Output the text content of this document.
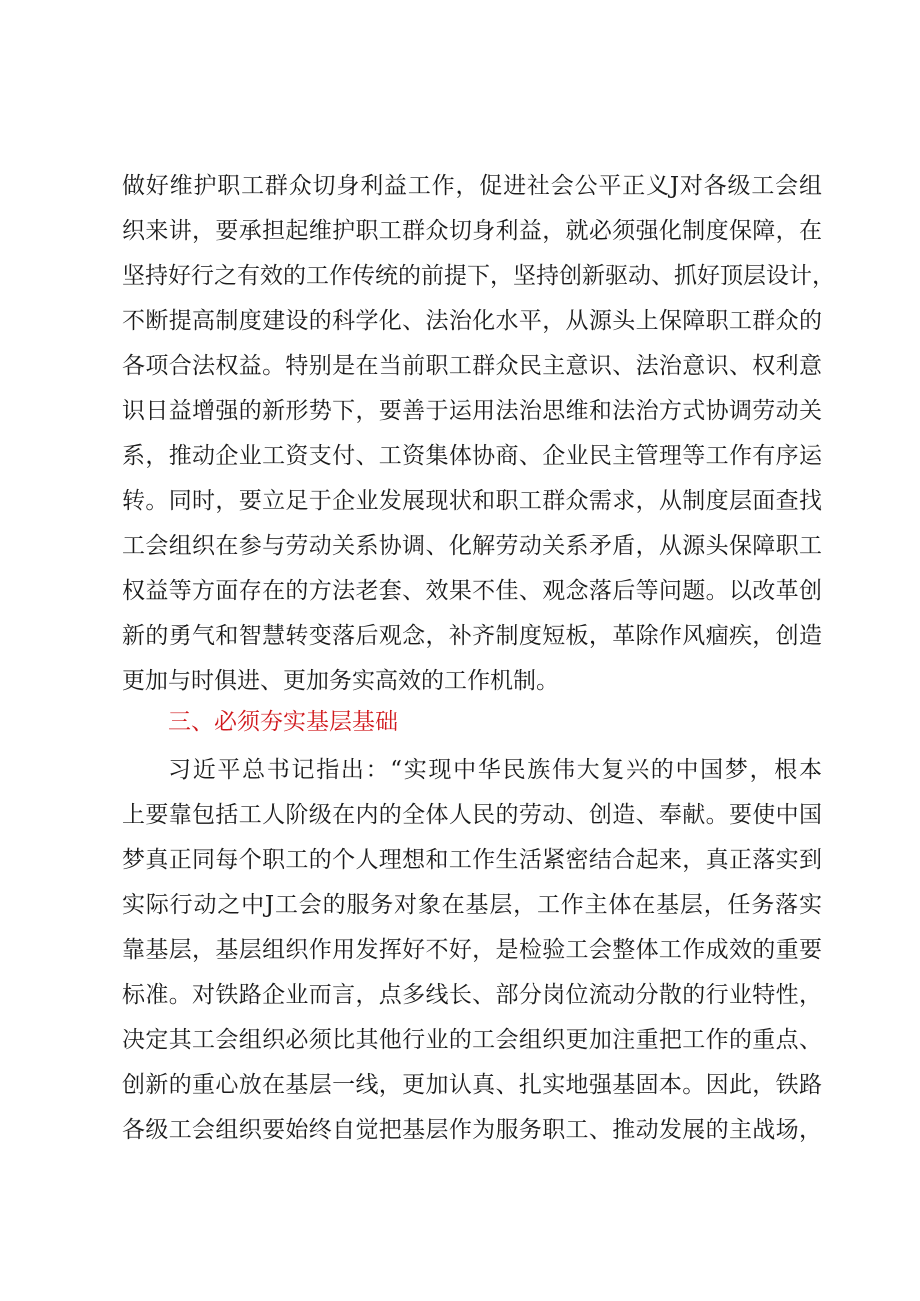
做好维护职工群众切身利益工作，促进社会公平正义J对各级工会组
织来讲，要承担起维护职工群众切身利益，就必须强化制度保障，在
坚持好行之有效的工作传统的前提下，坚持创新驱动、抓好顶层设计，
不断提高制度建设的科学化、法治化水平，从源头上保障职工群众的
各项合法权益。特别是在当前职工群众民主意识、法治意识、权利意
识日益增强的新形势下，要善于运用法治思维和法治方式协调劳动关
系，推动企业工资支付、工资集体协商、企业民主管理等工作有序运
转。同时，要立足于企业发展现状和职工群众需求，从制度层面查找
工会组织在参与劳动关系协调、化解劳动关系矛盾，从源头保障职工
权益等方面存在的方法老套、效果不佳、观念落后等问题。以改革创
新的勇气和智慧转变落后观念，补齐制度短板，革除作风痼疾，创造
更加与时俱进、更加务实高效的工作机制。
三、必须夯实基层基础
习近平总书记指出：“实现中华民族伟大复兴的中国梦，根本
上要靠包括工人阶级在内的全体人民的劳动、创造、奉献。要使中国
梦真正同每个职工的个人理想和工作生活紧密结合起来，真正落实到
实际行动之中J工会的服务对象在基层，工作主体在基层，任务落实
靠基层，基层组织作用发挥好不好，是检验工会整体工作成效的重要
标准。对铁路企业而言，点多线长、部分岗位流动分散的行业特性，
决定其工会组织必须比其他行业的工会组织更加注重把工作的重点、
创新的重心放在基层一线，更加认真、扎实地强基固本。因此，铁路
各级工会组织要始终自觉把基层作为服务职工、推动发展的主战场，
